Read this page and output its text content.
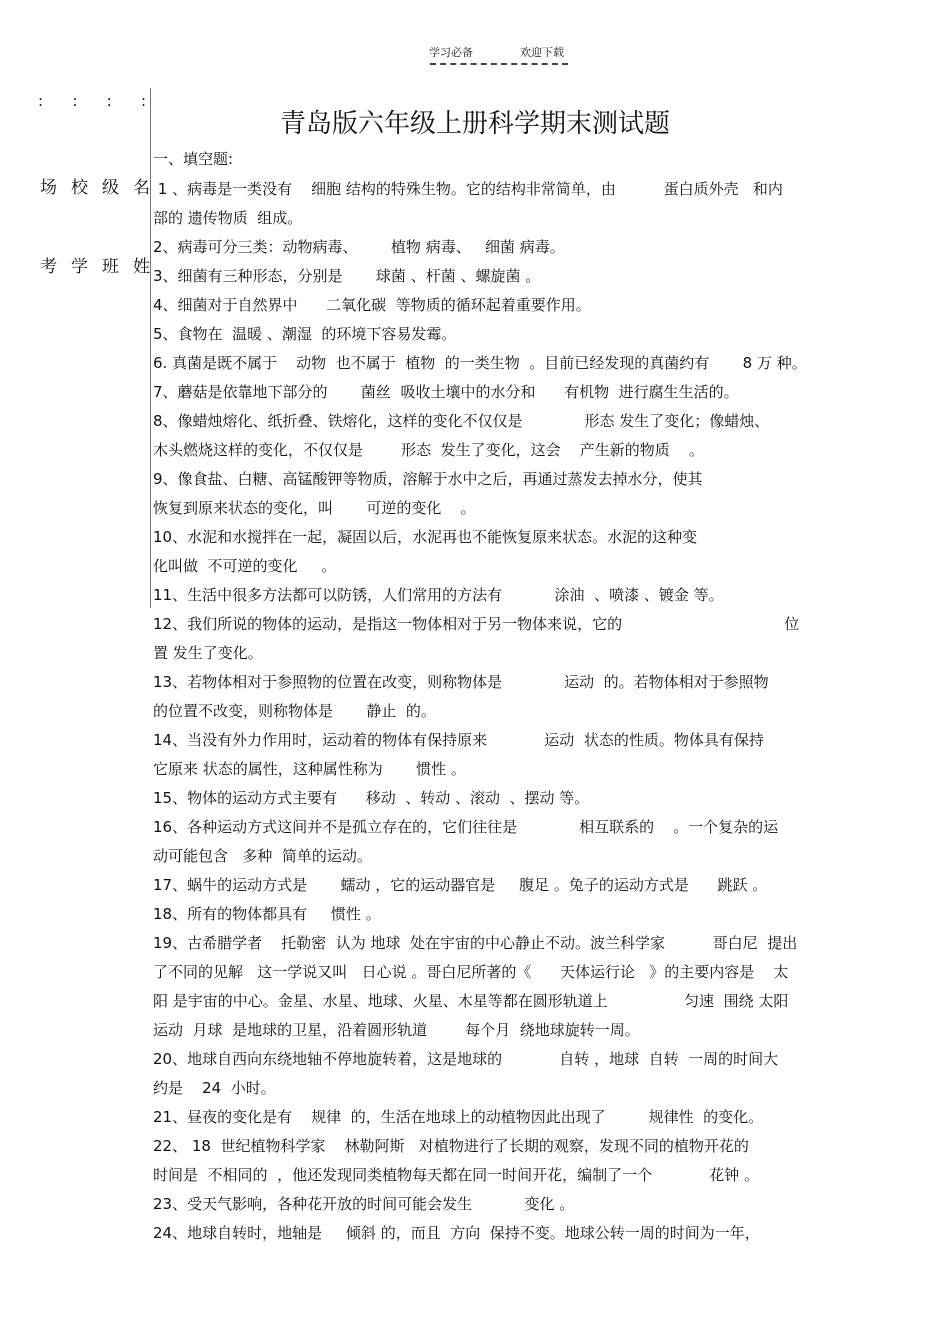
学习必备	欢迎下载
: : : :
场 校 级 名
考 学 班 姓
青岛版六年级上册科学期末测试题

一、填空题:

1 、病毒是一类没有    细胞 结构的特殊生物。它的结构非常简单，由          蛋白质外壳   和内

部的 遗传物质  组成。

2、病毒可分三类：动物病毒、       植物 病毒、   细菌 病毒。

3、细菌有三种形态，分别是       球菌 、杆菌 、螺旋菌 。

4、细菌对于自然界中      二氧化碳  等物质的循环起着重要作用。

5、食物在  温暖 、潮湿  的环境下容易发霉。

6. 真菌是既不属于    动物  也不属于  植物  的一类生物  。目前已经发现的真菌约有       8 万 种。

7、蘑菇是依靠地下部分的       菌丝  吸收土壤中的水分和      有机物  进行腐生生活的。

8、像蜡烛熔化、纸折叠、铁熔化，这样的变化不仅仅是             形态 发生了变化；像蜡烛、

木头燃烧这样的变化，不仅仅是        形态  发生了变化，这会    产生新的物质    。

9、像食盐、白糖、高锰酸钾等物质，溶解于水中之后，再通过蒸发去掉水分，使其

恢复到原来状态的变化，叫       可逆的变化    。

10、水泥和水搅拌在一起，凝固以后，水泥再也不能恢复原来状态。水泥的这种变

化叫做  不可逆的变化     。

11、生活中很多方法都可以防锈，人们常用的方法有           涂油  、喷漆 、镀金 等。

12、我们所说的物体的运动，是指这一物体相对于另一物体来说，它的                                  位

置 发生了变化。

13、若物体相对于参照物的位置在改变，则称物体是             运动  的。若物体相对于参照物

的位置不改变，则称物体是       静止  的。

14、当没有外力作用时，运动着的物体有保持原来            运动  状态的性质。物体具有保持

它原来 状态的属性，这种属性称为       惯性 。

15、物体的运动方式主要有      移动  、转动 、滚动  、摆动 等。

16、各种运动方式这间并不是孤立存在的，它们往往是             相互联系的    。一个复杂的运

动可能包含   多种  简单的运动。

17、蜗牛的运动方式是       蠕动 ，它的运动器官是     腹足 。兔子的运动方式是      跳跃 。

18、所有的物体都具有     惯性 。

19、古希腊学者    托勒密  认为 地球  处在宇宙的中心静止不动。波兰科学家          哥白尼  提出

了不同的见解   这一学说又叫   日心说 。哥白尼所著的《      天体运行论   》的主要内容是    太

阳 是宇宙的中心。金星、水星、地球、火星、木星等都在圆形轨道上                匀速  围绕 太阳

运动  月球  是地球的卫星，沿着圆形轨道        每个月  绕地球旋转一周。

20、地球自西向东绕地轴不停地旋转着，这是地球的            自转 ，地球  自转  一周的时间大

约是    24  小时。

21、昼夜的变化是有    规律  的，生活在地球上的动植物因此出现了         规律性  的变化。

22、 18  世纪植物科学家    林勒阿斯   对植物进行了长期的观察，发现不同的植物开花的

时间是  不相同的  ，他还发现同类植物每天都在同一时间开花，编制了一个            花钟 。

23、受天气影响，各种花开放的时间可能会发生           变化 。

24、地球自转时，地轴是     倾斜 的，而且  方向  保持不变。地球公转一周的时间为一年，
